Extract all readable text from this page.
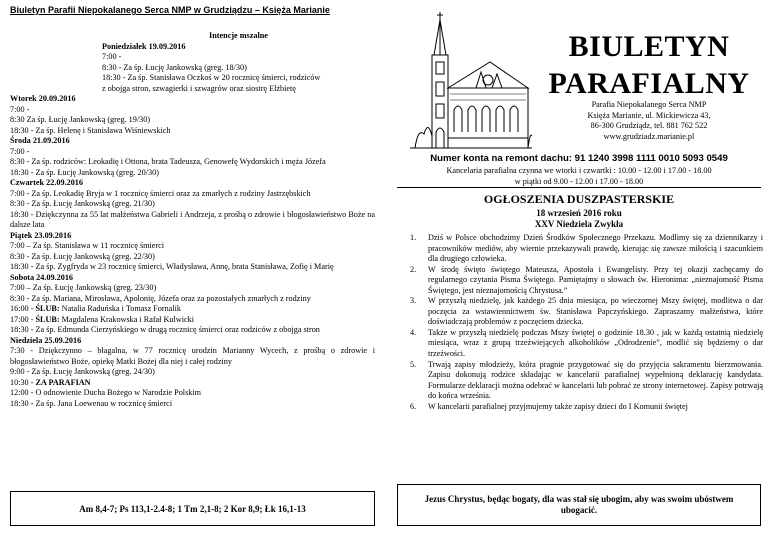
Biuletyn Parafii Niepokalanego Serca NMP w Grudziądzu – Księża Marianie

Intencje mszalne

Poniedziałek 19.09.2016

7:00 -

8:30 - Za śp. Łucję Jankowską (greg. 18/30)

18:30 - Za śp. Stanisława Oczkoś w 20 rocznicę śmierci, rodziców

z obojga stron, szwagierki i szwagrów oraz siostrę Elżbietę

Wtorek 20.09.2016

7:00 -

8:30 Za śp. Łucję Jankowską (greg. 19/30)

18:30 - Za śp. Helenę i Stanisława Wiśniewskich

Środa 21.09.2016

7:00 -

8:30 - Za śp. rodziców: Leokadię i Ottona, brata Tadeusza, Genowefę Wydorskich i męża Józefa

18:30 - Za śp. Łucję Jankowską (greg. 20/30)

Czwartek 22.09.2016

7:00 - Za śp. Leokadię Bryja w 1 rocznicę śmierci oraz za zmarłych z rodziny Jastrzębskich

8:30 - Za śp. Łucję Jankowską (greg. 21/30)

18:30 - Dziękczynna za 55 lat małżeństwa Gabrieli i Andrzeja, z prośbą o zdrowie i błogosławieństwo Boże na dalsze lata

Piątek 23.09.2016

7:00 – Za śp. Stanisława w 11 rocznicę śmierci

8:30 - Za śp. Łucję Jankowską (greg. 22/30)

18:30 - Za śp. Zygfryda w 23 rocznicę śmierci, Władysława, Annę, brata Stanisława, Zofię i Marię

Sobota 24.09.2016

7:00 – Za śp. Łucję Jankowską (greg. 23/30)

8:30 - Za śp. Mariana, Mirosława, Apolonię, Józefa oraz za pozostałych zmarłych z rodziny

16:00 - ŚLUB: Natalia Raduńska i Tomasz Fornalik

17:00 - ŚLUB: Magdalena Krakowska i Rafał Kulwicki

18:30 - Za śp. Edmunda Cierzyńskiego w drugą rocznicę śmierci oraz rodziców z obojga stron

Niedziela 25.09.2016

7:30 - Dziękczynno – błagalna, w 77 rocznicę urodzin Marianny Wycech, z prośbą o zdrowie i błogosławieństwo Boże, opiekę Matki Bożej dla niej i całej rodziny

9:00 - Za śp. Łucję Jankowską (greg. 24/30)

10:30 - ZA PARAFIAN

12:00 - O odnowienie Ducha Bożego w Narodzie Polskim

18:30 - Za śp. Jana Loewenau w rocznicę śmierci

Am 8,4-7; Ps 113,1-2.4-8; 1 Tm 2,1-8; 2 Kor 8,9; Łk 16,1-13
BIULETYN
PARAFIALNY
Parafia Niepokalanego Serca NMP
Księża Marianie, ul. Mickiewicza 43,
86-300 Grudziądz, tel. 881 762 522
www.grudziadz.marianie.pl
Numer konta na remont dachu: 91 1240 3998 1111 0010 5093 0549
Kancelaria parafialna czynna we wtorki i czwartki : 10.00 - 12.00 i 17.00 - 18.00
w piątki od 9.00 - 12.00 i 17.00 - 18.00
OGŁOSZENIA DUSZPASTERSKIE
18 wrzesień 2016 roku
XXV Niedziela Zwykła
1.	Dziś w Polsce obchodzimy Dzień Środków Społecznego Przekazu. Modlimy się za dziennikarzy i pracowników mediów, aby wiernie przekazywali prawdę, kierując się zawsze miłością i szacunkiem dla drugiego człowieka.
2.	W środę święto świętego Mateusza, Apostoła i Ewangelisty. Przy tej okazji zachęcamy do regularnego czytania Pisma Świętego. Pamiętajmy o słowach św. Hieronima: „nieznajomość Pisma Świętego, jest nieznajomością Chrystusa.”
3.	W przyszłą niedzielę, jak każdego 25 dnia miesiąca, po wieczornej Mszy świętej, modlitwa o dar poczęcia za wstawiennictwem św. Stanisława Papczyńskiego. Zapraszamy małżeństwa, które doświadczają problemów z poczęciem dziecka.
4.	Także w przyszłą niedzielę podczas Mszy świętej o godzinie 18.30 , jak w każdą ostatnią niedzielę miesiąca, wraz z grupą trzeźwiejących alkoholików „Odrodzenie”, modlić się będziemy o dar trzeźwości.
5.	Trwają zapisy młodzieży, która pragnie przygotować się do przyjęcia sakramentu bierzmowania. Zapisu dokonują rodzice składając w kancelarii parafialnej wypełnioną deklarację kandydata. Formularze deklaracji można odebrać w kancelarii lub pobrać ze strony internetowej. Zapisy potrwają do końca września.
6.	W kancelarii parafialnej przyjmujemy także zapisy dzieci do I Komunii świętej
Jezus Chrystus, będąc bogaty, dla was stał się ubogim, aby was swoim ubóstwem ubogacić.
